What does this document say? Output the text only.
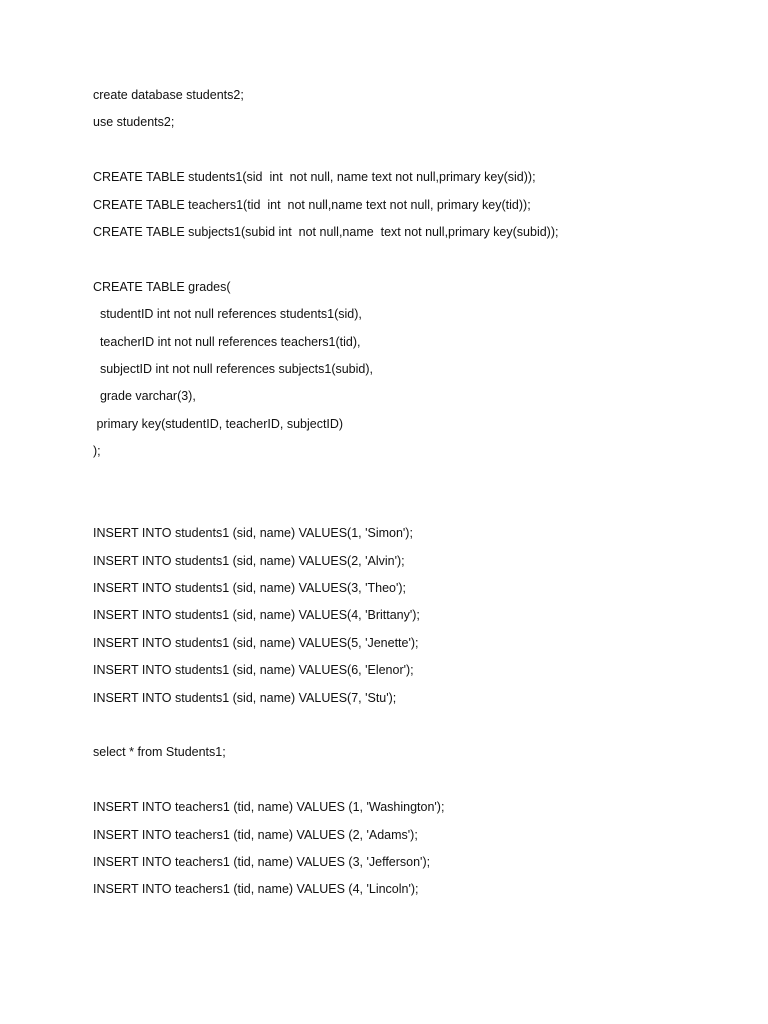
create database students2;

use students2;

CREATE TABLE students1(sid  int  not null, name text not null,primary key(sid));

CREATE TABLE teachers1(tid  int  not null,name text not null, primary key(tid));

CREATE TABLE subjects1(subid int  not null,name  text not null,primary key(subid));

CREATE TABLE grades(

studentID int not null references students1(sid),

teacherID int not null references teachers1(tid),

subjectID int not null references subjects1(subid),

grade varchar(3),

primary key(studentID, teacherID, subjectID)

);

INSERT INTO students1 (sid, name) VALUES(1, 'Simon');

INSERT INTO students1 (sid, name) VALUES(2, 'Alvin');

INSERT INTO students1 (sid, name) VALUES(3, 'Theo');

INSERT INTO students1 (sid, name) VALUES(4, 'Brittany');

INSERT INTO students1 (sid, name) VALUES(5, 'Jenette');

INSERT INTO students1 (sid, name) VALUES(6, 'Elenor');

INSERT INTO students1 (sid, name) VALUES(7, 'Stu');

select * from Students1;

INSERT INTO teachers1 (tid, name) VALUES (1, 'Washington');

INSERT INTO teachers1 (tid, name) VALUES (2, 'Adams');

INSERT INTO teachers1 (tid, name) VALUES (3, 'Jefferson');

INSERT INTO teachers1 (tid, name) VALUES (4, 'Lincoln');
